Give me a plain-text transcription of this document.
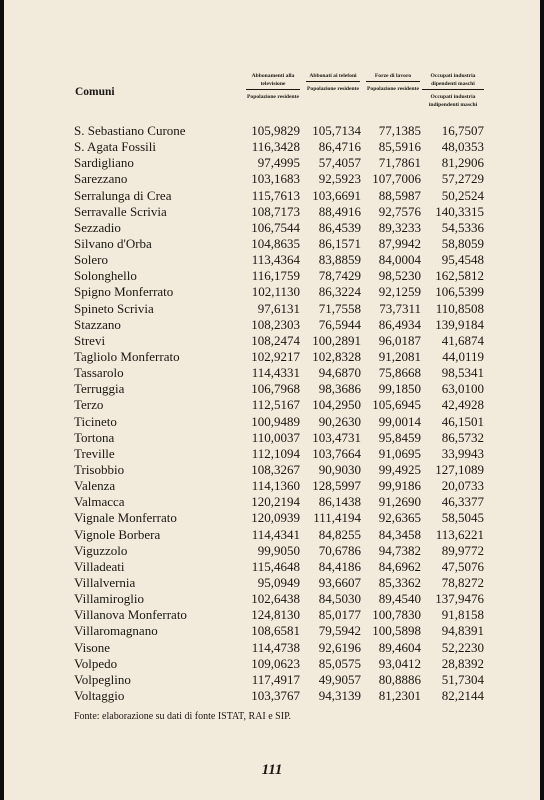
Comuni
Abbonamenti alla televisione
Popolazione residente
Abbonati ai telefoni
Popolazione residente
Forze di lavoro
Popolazione residente
Occupati industria dipendenti maschi
Occupati industria indipendenti maschi
S. Sebastiano Curone	105,9829 105,7134 77,1385 16,7507
S. Agata Fossili	116,3428 86,4716 85,5916 48,0353
Sardigliano	97,4995 57,4057 71,7861 81,2906
Sarezzano	103,1683 92,5923 107,7006 57,2729
Serralunga di Crea	115,7613 103,6691 88,5987 50,2524
Serravalle Scrivia	108,7173 88,4916 92,7576 140,3315
Sezzadio	106,7544 86,4539 89,3233 54,5336
Silvano d'Orba	104,8635 86,1571 87,9942 58,8059
Solero	113,4364 83,8859 84,0004 95,4548
Solonghello	116,1759 78,7429 98,5230 162,5812
Spigno Monferrato	102,1130 86,3224 92,1259 106,5399
Spineto Scrivia	97,6131 71,7558 73,7311 110,8508
Stazzano	108,2303 76,5944 86,4934 139,9184
Strevi	108,2474 100,2891 96,0187 41,6874
Tagliolo Monferrato	102,9217 102,8328 91,2081 44,0119
Tassarolo	114,4331 94,6870 75,8668 98,5341
Terruggia	106,7968 98,3686 99,1850 63,0100
Terzo	112,5167 104,2950 105,6945 42,4928
Ticineto	100,9489 90,2630 99,0014 46,1501
Tortona	110,0037 103,4731 95,8459 86,5732
Treville	112,1094 103,7664 91,0695 33,9943
Trisobbio	108,3267 90,9030 99,4925 127,1089
Valenza	114,1360 128,5997 99,9186 20,0733
Valmacca	120,2194 86,1438 91,2690 46,3377
Vignale Monferrato	120,0939 111,4194 92,6365 58,5045
Vignole Borbera	114,4341 84,8255 84,3458 113,6221
Viguzzolo	99,9050 70,6786 94,7382 89,9772
Villadeati	115,4648 84,4186 84,6962 47,5076
Villalvernia	95,0949 93,6607 85,3362 78,8272
Villamiroglio	102,6438 84,5030 89,4540 137,9476
Villanova Monferrato	124,8130 85,0177 100,7830 91,8158
Villaromagnano	108,6581 79,5942 100,5898 94,8391
Visone	114,4738 92,6196 89,4604 52,2230
Volpedo	109,0623 85,0575 93,0412 28,8392
Volpeglino	117,4917 49,9057 80,8886 51,7304
Voltaggio	103,3767 94,3139 81,2301 82,2144
Fonte: elaborazione su dati di fonte ISTAT, RAI e SIP.
111
